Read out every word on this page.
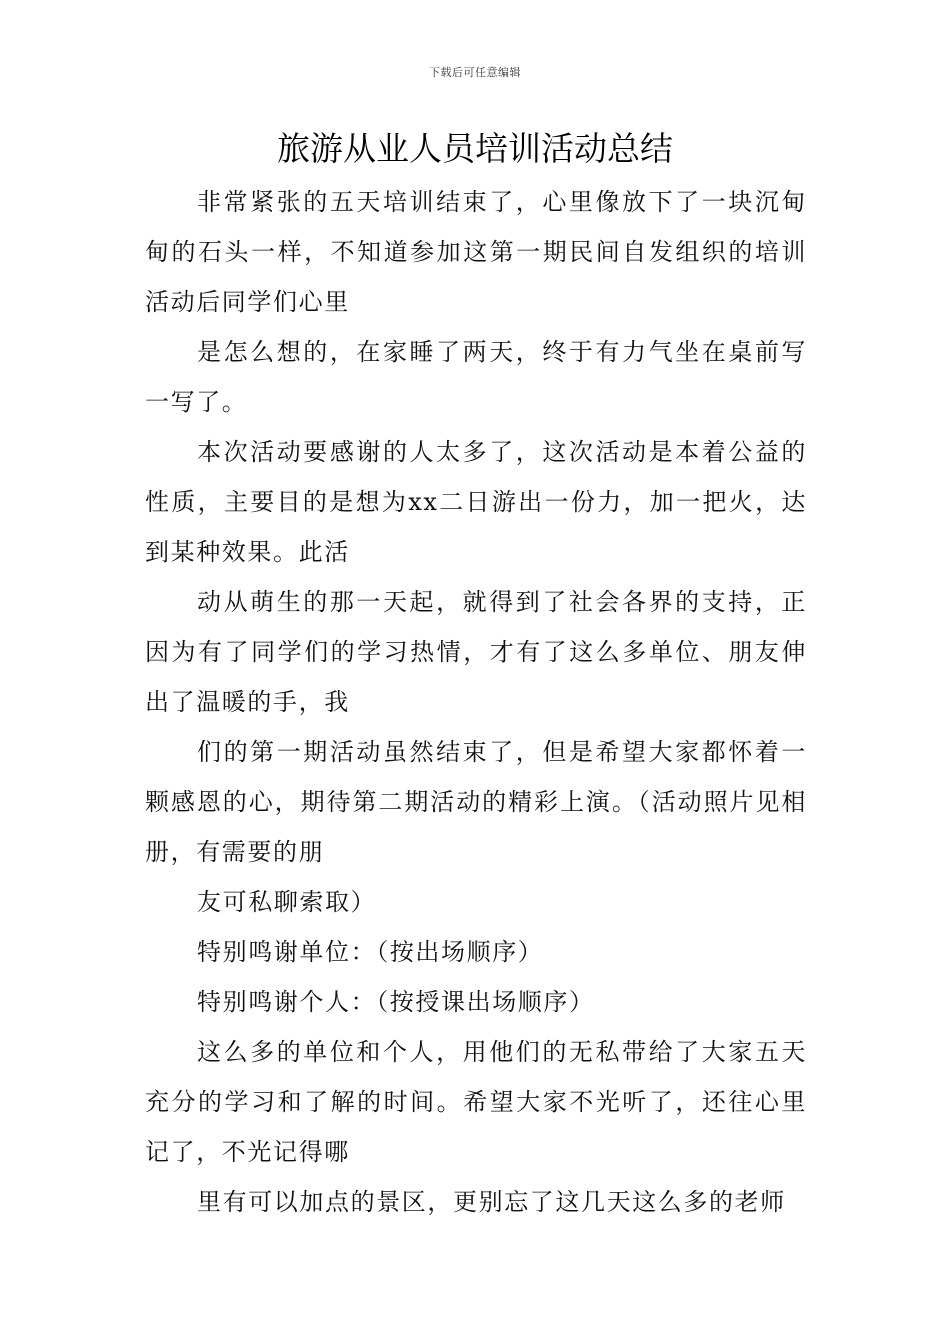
下载后可任意编辑
旅游从业人员培训活动总结

非常紧张的五天培训结束了，心里像放下了一块沉甸甸的石头一样，不知道参加这第一期民间自发组织的培训活动后同学们心里

是怎么想的，在家睡了两天，终于有力气坐在桌前写一写了。

本次活动要感谢的人太多了，这次活动是本着公益的性质，主要目的是想为xx二日游出一份力，加一把火，达到某种效果。此活

动从萌生的那一天起，就得到了社会各界的支持，正因为有了同学们的学习热情，才有了这么多单位、朋友伸出了温暖的手，我

们的第一期活动虽然结束了，但是希望大家都怀着一颗感恩的心，期待第二期活动的精彩上演。（活动照片见相册，有需要的朋

友可私聊索取）

特别鸣谢单位：（按出场顺序）

特别鸣谢个人：（按授课出场顺序）

这么多的单位和个人，用他们的无私带给了大家五天充分的学习和了解的时间。希望大家不光听了，还往心里记了，不光记得哪

里有可以加点的景区，更别忘了这几天这么多的老师
